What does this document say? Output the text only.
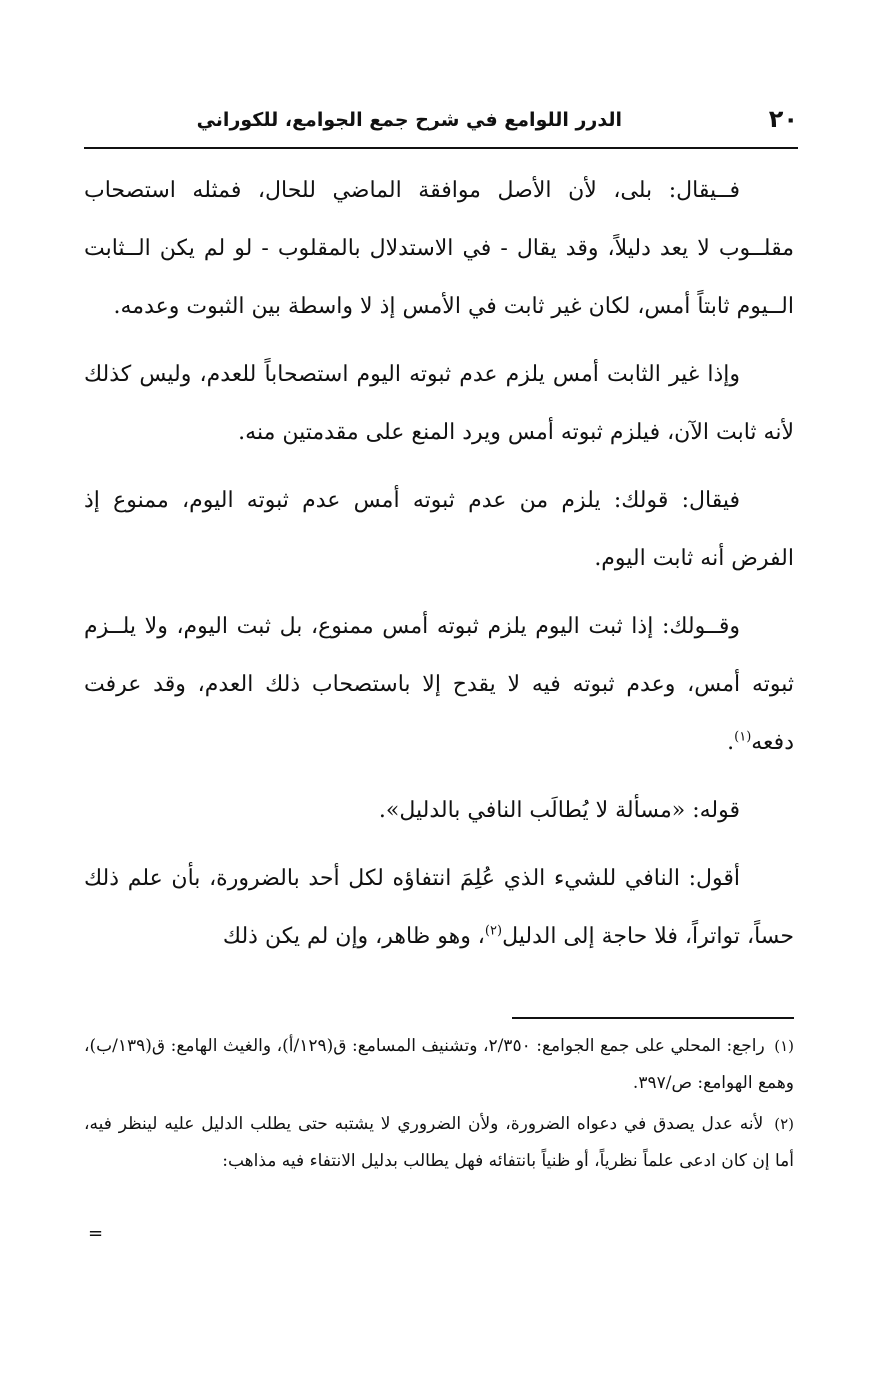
٢٠
الدرر اللوامع في شرح جمع الجوامع، للكوراني

فــيقال: بلى، لأن الأصل موافقة الماضي للحال، فمثله استصحاب مقلــوب لا يعد دليلاً، وقد يقال - في الاستدلال بالمقلوب - لو لم يكن الــثابت الــيوم ثابتاً أمس، لكان غير ثابت في الأمس إذ لا واسطة بين الثبوت وعدمه.

وإذا غير الثابت أمس يلزم عدم ثبوته اليوم استصحاباً للعدم، وليس كذلك لأنه ثابت الآن، فيلزم ثبوته أمس ويرد المنع على مقدمتين منه.

فيقال: قولك: يلزم من عدم ثبوته أمس عدم ثبوته اليوم، ممنوع إذ الفرض أنه ثابت اليوم.

وقــولك: إذا ثبت اليوم يلزم ثبوته أمس ممنوع، بل ثبت اليوم، ولا يلــزم ثبوته أمس، وعدم ثبوته فيه لا يقدح إلا باستصحاب ذلك العدم، وقد عرفت دفعه$^{(١)}$.

قوله: «مسألة لا يُطالَب النافي بالدليل».

أقول: النافي للشيء الذي عُلِمَ انتفاؤه لكل أحد بالضرورة، بأن علم ذلك حساً، تواتراً، فلا حاجة إلى الدليل$^{(٢)}$، وهو ظاهر، وإن لم يكن ذلك

(١) راجع: المحلي على جمع الجوامع: ٢/٣٥٠، وتشنيف المسامع: ق(١٢٩/أ)، والغيث الهامع: ق(١٣٩/ب)، وهمع الهوامع: ص/٣٩٧.

(٢) لأنه عدل يصدق في دعواه الضرورة، ولأن الضروري لا يشتبه حتى يطلب الدليل عليه لينظر فيه، أما إن كان ادعى علماً نظرياً، أو ظنياً بانتفائه فهل يطالب بدليل الانتفاء فيه مذاهب:

=
